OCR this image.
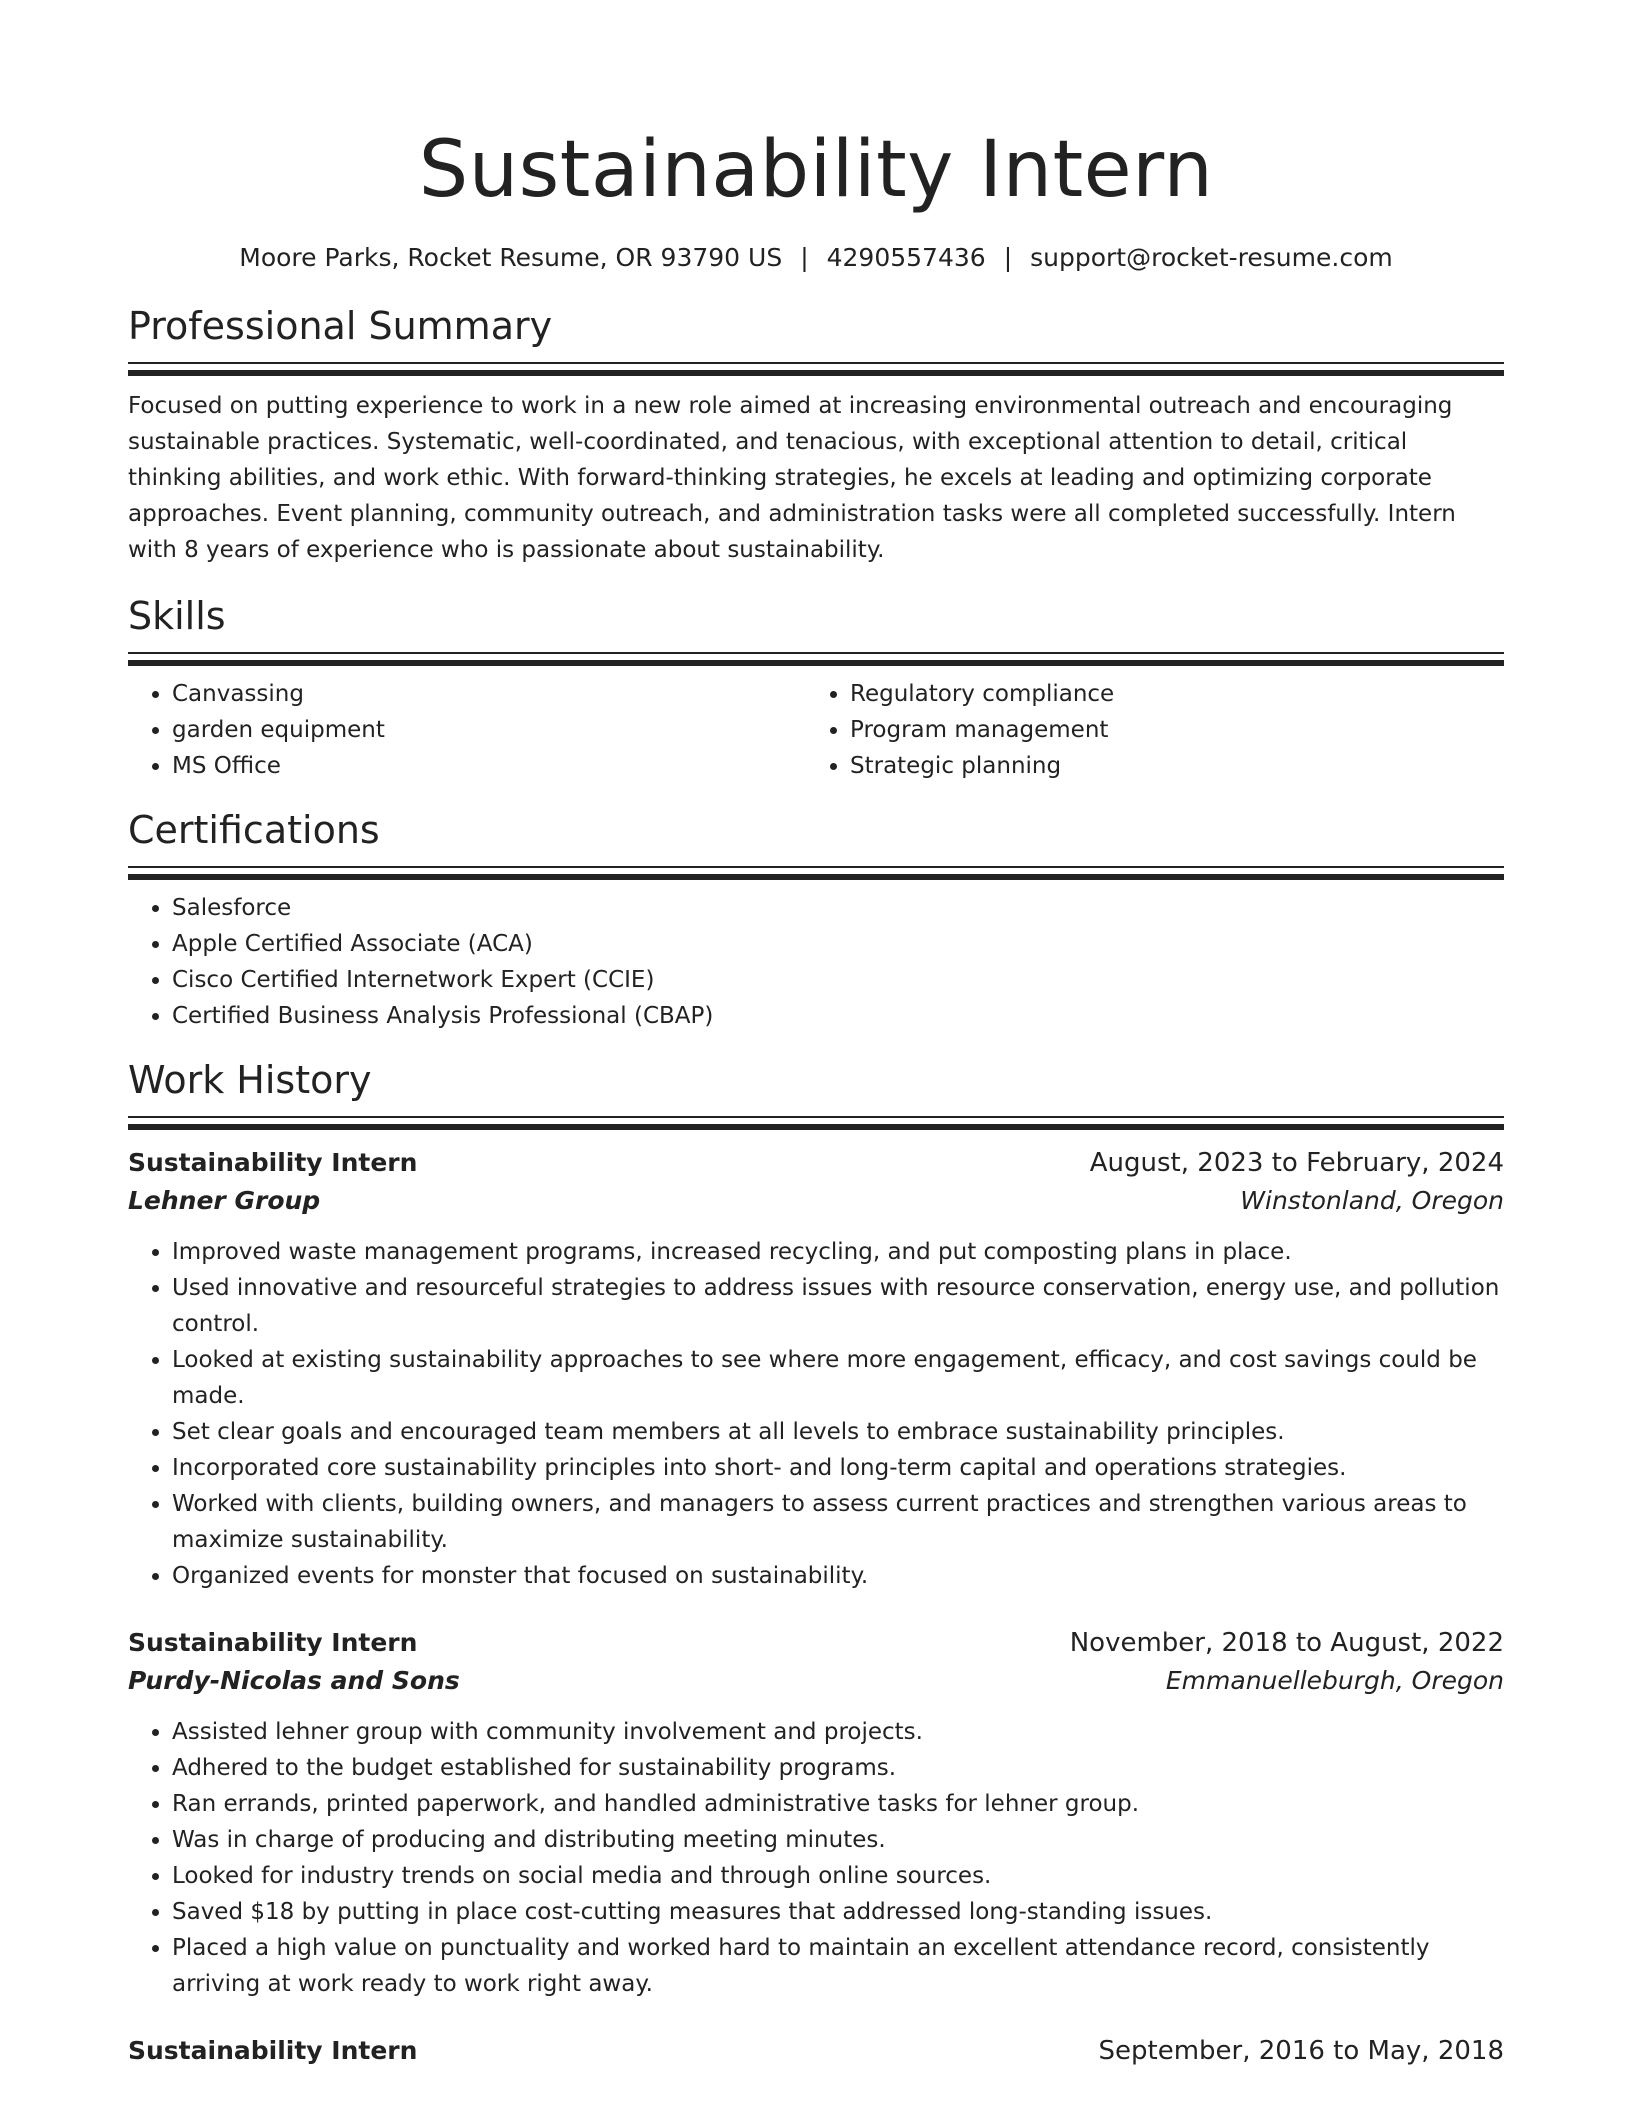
Sustainability Intern
Moore Parks, Rocket Resume, OR 93790 US | 4290557436 | support@rocket-resume.com
Professional Summary
Focused on putting experience to work in a new role aimed at increasing environmental outreach and encouraging sustainable practices. Systematic, well-coordinated, and tenacious, with exceptional attention to detail, critical thinking abilities, and work ethic. With forward-thinking strategies, he excels at leading and optimizing corporate approaches. Event planning, community outreach, and administration tasks were all completed successfully. Intern with 8 years of experience who is passionate about sustainability.
Skills
• Canvassing
• garden equipment
• MS Office
• Regulatory compliance
• Program management
• Strategic planning
Certifications
• Salesforce
• Apple Certified Associate (ACA)
• Cisco Certified Internetwork Expert (CCIE)
• Certified Business Analysis Professional (CBAP)
Work History
Sustainability Intern	August, 2023 to February, 2024
Lehner Group	Winstonland, Oregon
• Improved waste management programs, increased recycling, and put composting plans in place.
• Used innovative and resourceful strategies to address issues with resource conservation, energy use, and pollution control.
• Looked at existing sustainability approaches to see where more engagement, efficacy, and cost savings could be made.
• Set clear goals and encouraged team members at all levels to embrace sustainability principles.
• Incorporated core sustainability principles into short- and long-term capital and operations strategies.
• Worked with clients, building owners, and managers to assess current practices and strengthen various areas to maximize sustainability.
• Organized events for monster that focused on sustainability.
Sustainability Intern	November, 2018 to August, 2022
Purdy-Nicolas and Sons	Emmanuelleburgh, Oregon
• Assisted lehner group with community involvement and projects.
• Adhered to the budget established for sustainability programs.
• Ran errands, printed paperwork, and handled administrative tasks for lehner group.
• Was in charge of producing and distributing meeting minutes.
• Looked for industry trends on social media and through online sources.
• Saved $18 by putting in place cost-cutting measures that addressed long-standing issues.
• Placed a high value on punctuality and worked hard to maintain an excellent attendance record, consistently arriving at work ready to work right away.
Sustainability Intern	September, 2016 to May, 2018
